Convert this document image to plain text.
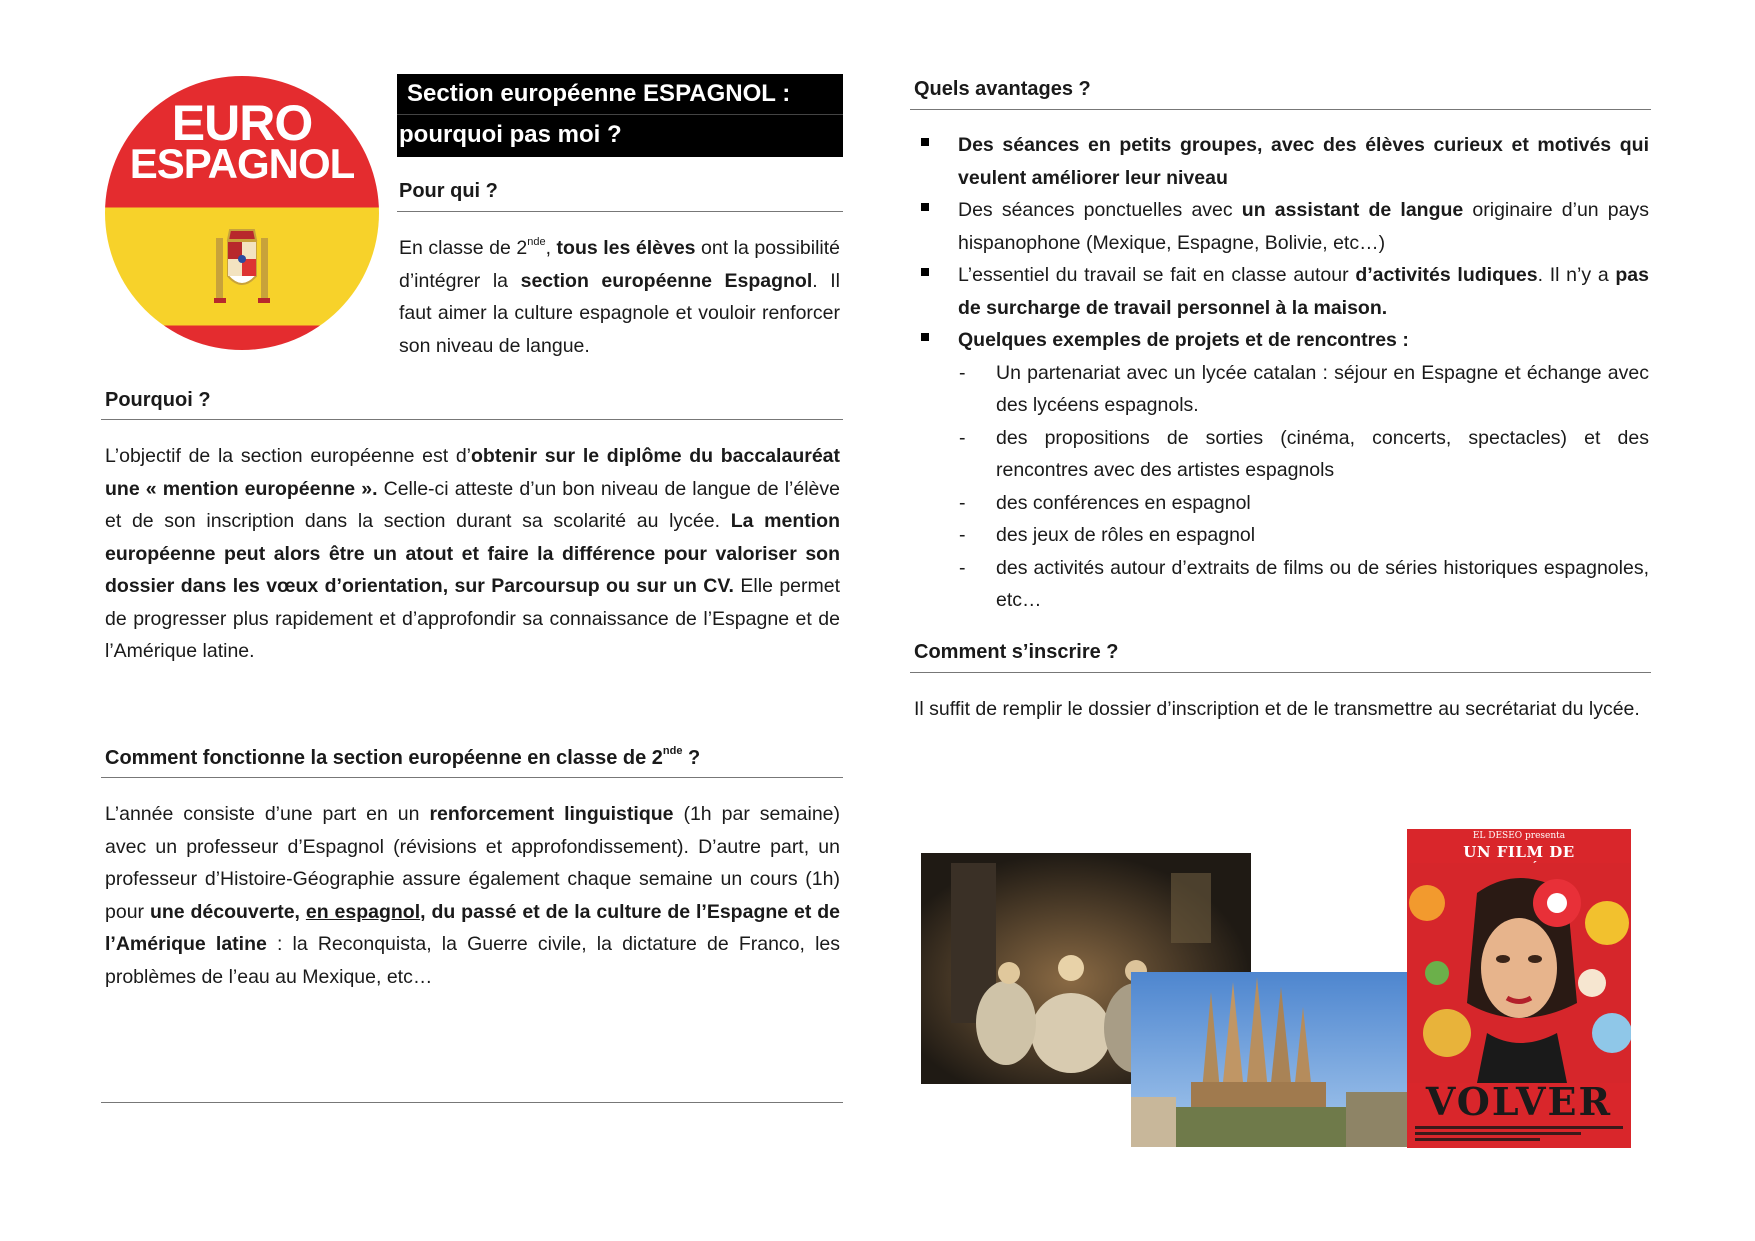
EURO
ESPAGNOL
Section européenne ESPAGNOL :
pourquoi pas moi ?
Pour qui ?
En classe de 2nde, tous les élèves ont la possibilité d’intégrer la section européenne Espagnol. Il faut aimer la culture espagnole et vouloir renforcer son niveau de langue.
Pourquoi ?
L’objectif de la section européenne est d’obtenir sur le diplôme du baccalauréat une « mention européenne ». Celle-ci atteste d’un bon niveau de langue de l’élève et de son inscription dans la section durant sa scolarité au lycée. La mention européenne peut alors être un atout et faire la différence pour valoriser son dossier dans les vœux d’orientation, sur Parcoursup ou sur un CV. Elle permet de progresser plus rapidement et d’approfondir sa connaissance de l’Espagne et de l’Amérique latine.
Comment fonctionne la section européenne en classe de 2nde ?
L’année consiste d’une part en un renforcement linguistique (1h par semaine) avec un professeur d’Espagnol (révisions et approfondissement). D’autre part, un professeur d’Histoire-Géographie assure également chaque semaine un cours (1h) pour une découverte, en espagnol, du passé et de la culture de l’Espagne et de l’Amérique latine : la Reconquista, la Guerre civile, la dictature de Franco, les problèmes de l’eau au Mexique, etc…
Quels avantages ?
Des séances en petits groupes, avec des élèves curieux et motivés qui veulent améliorer leur niveau
Des séances ponctuelles avec un assistant de langue originaire d’un pays hispanophone (Mexique, Espagne, Bolivie, etc…)
L’essentiel du travail se fait en classe autour d’activités ludiques. Il n’y a pas de surcharge de travail personnel à la maison.
Quelques exemples de projets et de rencontres :
- Un partenariat avec un lycée catalan : séjour en Espagne et échange avec des lycéens espagnols.
- des propositions de sorties (cinéma, concerts, spectacles) et des rencontres avec des artistes espagnols
- des conférences en espagnol
- des jeux de rôles en espagnol
- des activités autour d’extraits de films ou de séries historiques espagnoles, etc…
Comment s’inscrire ?
Il suffit de remplir le dossier d’inscription et de le transmettre au secrétariat du lycée.
EL DESEO presenta
UN FILM DE
VOLVER
